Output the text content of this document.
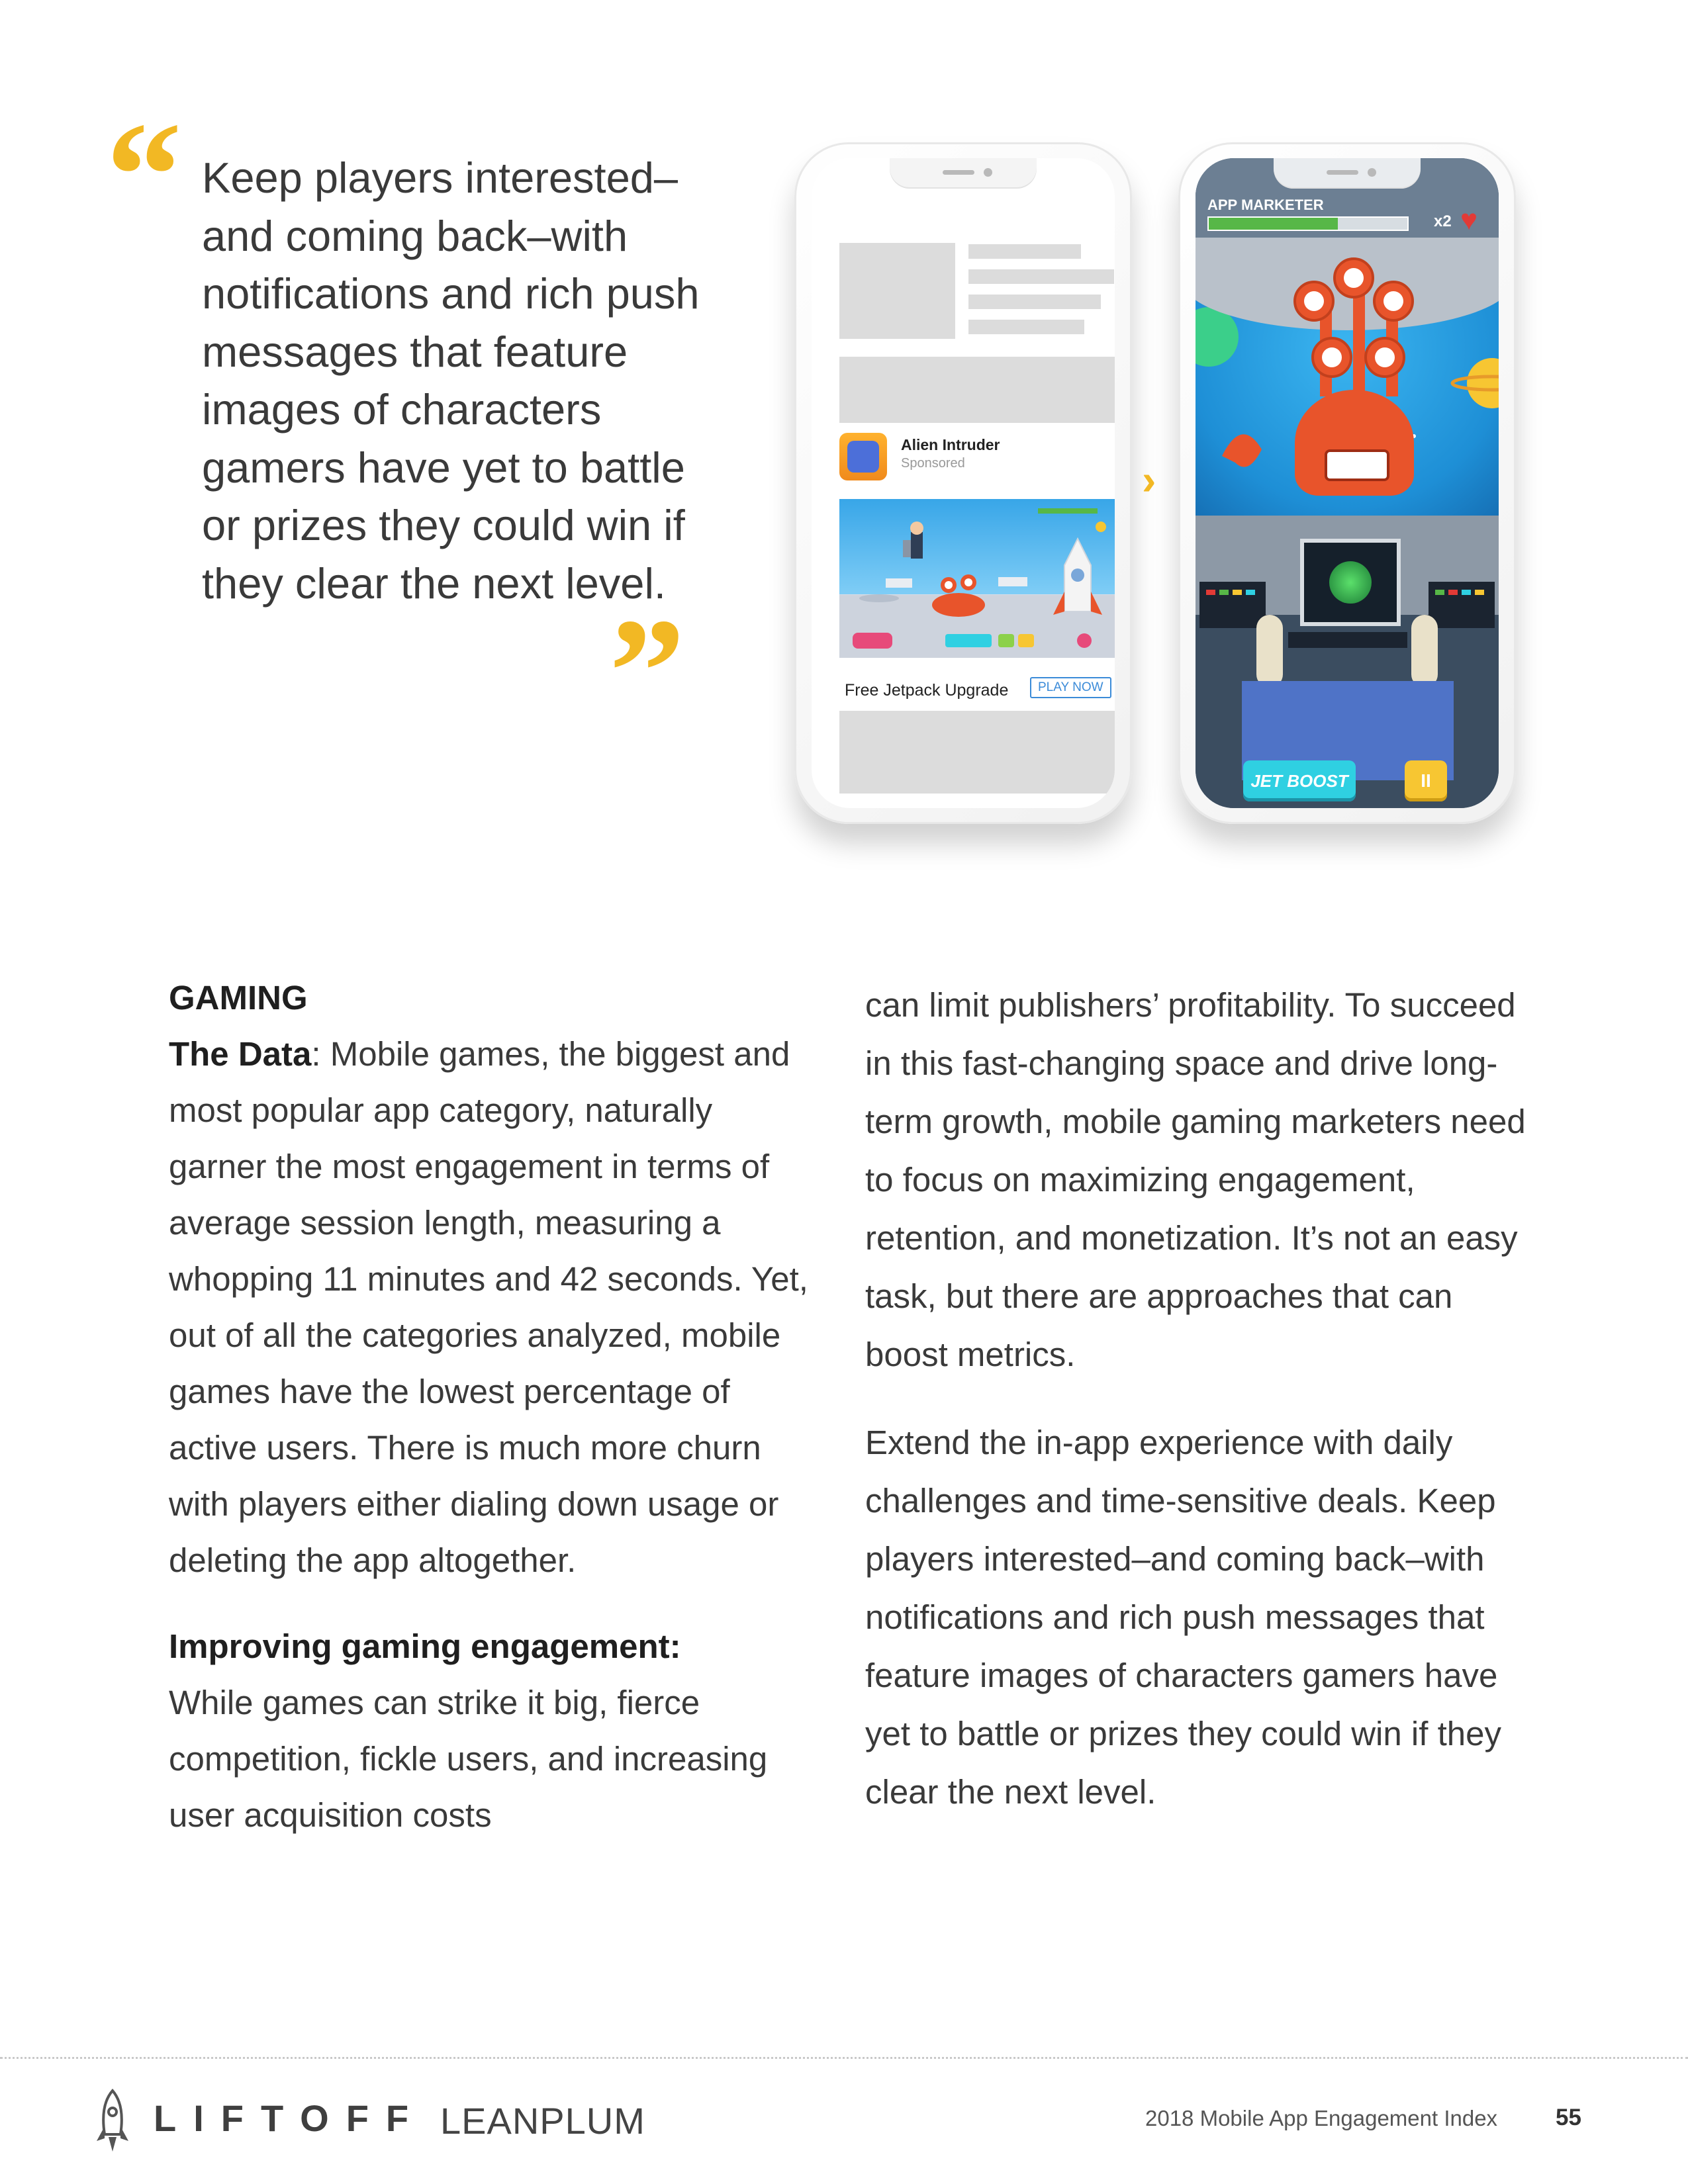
“ Keep players interested–and coming back–with notifications and rich push messages that feature images of characters gamers have yet to battle or prizes they could win if they clear the next level.

”
Alien Intruder
Sponsored
Free Jetpack Upgrade	PLAY NOW
›
APP MARKETER
x2 ♥
JET BOOST	II

GAMING

The Data: Mobile games, the biggest and most popular app category, naturally garner the most engagement in terms of average session length, measuring a whopping 11 minutes and 42 seconds. Yet, out of all the categories analyzed, mobile games have the lowest percentage of active users. There is much more churn with players either dialing down usage or deleting the app altogether.

Improving gaming engagement:
While games can strike it big, fierce competition, fickle users, and increasing user acquisition costs

can limit publishers’ profitability. To succeed in this fast-changing space and drive long-term growth, mobile gaming marketers need to focus on maximizing engagement, retention, and monetization. It’s not an easy task, but there are approaches that can boost metrics.

Extend the in-app experience with daily challenges and time-sensitive deals. Keep players interested–and coming back–with notifications and rich push messages that feature images of characters gamers have yet to battle or prizes they could win if they clear the next level.

LIFTOFF LEANPLUM	2018 Mobile App Engagement Index	55
